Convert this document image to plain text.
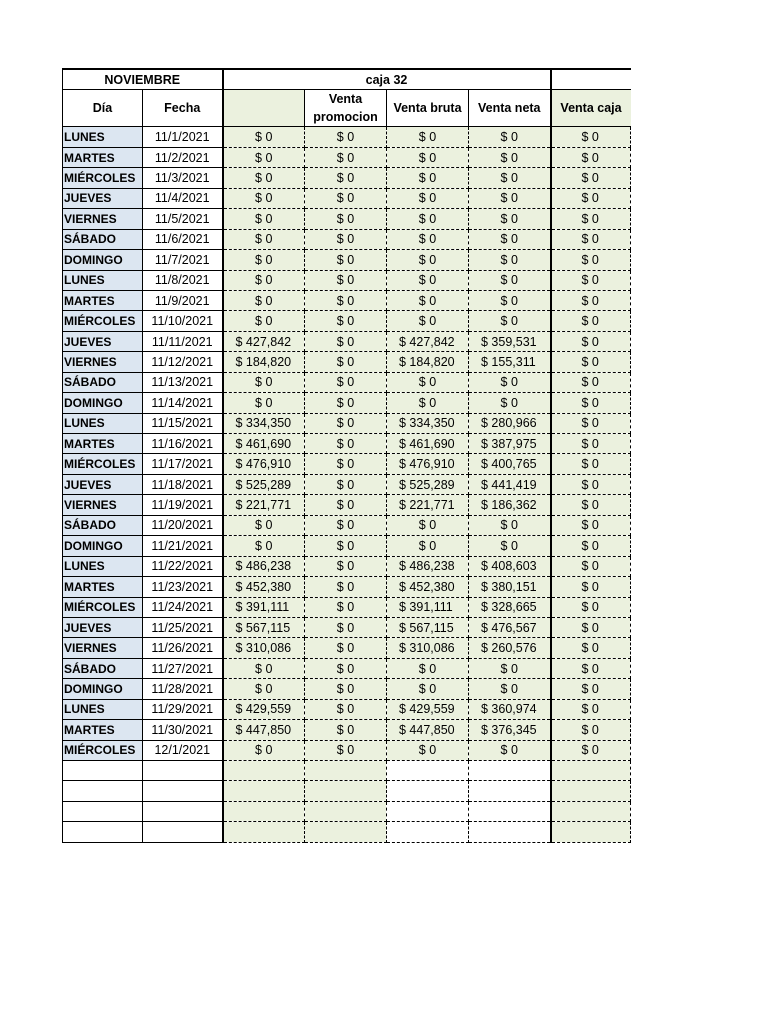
NOVIEMBRE		caja 32				
Día	Fecha		Venta promocion	Venta bruta	Venta neta	Venta caja
LUNES	11/1/2021	$ 0	$ 0	$ 0	$ 0	$ 0
MARTES	11/2/2021	$ 0	$ 0	$ 0	$ 0	$ 0
MIÉRCOLES	11/3/2021	$ 0	$ 0	$ 0	$ 0	$ 0
JUEVES	11/4/2021	$ 0	$ 0	$ 0	$ 0	$ 0
VIERNES	11/5/2021	$ 0	$ 0	$ 0	$ 0	$ 0
SÁBADO	11/6/2021	$ 0	$ 0	$ 0	$ 0	$ 0
DOMINGO	11/7/2021	$ 0	$ 0	$ 0	$ 0	$ 0
LUNES	11/8/2021	$ 0	$ 0	$ 0	$ 0	$ 0
MARTES	11/9/2021	$ 0	$ 0	$ 0	$ 0	$ 0
MIÉRCOLES	11/10/2021	$ 0	$ 0	$ 0	$ 0	$ 0
JUEVES	11/11/2021	$ 427,842	$ 0	$ 427,842	$ 359,531	$ 0
VIERNES	11/12/2021	$ 184,820	$ 0	$ 184,820	$ 155,311	$ 0
SÁBADO	11/13/2021	$ 0	$ 0	$ 0	$ 0	$ 0
DOMINGO	11/14/2021	$ 0	$ 0	$ 0	$ 0	$ 0
LUNES	11/15/2021	$ 334,350	$ 0	$ 334,350	$ 280,966	$ 0
MARTES	11/16/2021	$ 461,690	$ 0	$ 461,690	$ 387,975	$ 0
MIÉRCOLES	11/17/2021	$ 476,910	$ 0	$ 476,910	$ 400,765	$ 0
JUEVES	11/18/2021	$ 525,289	$ 0	$ 525,289	$ 441,419	$ 0
VIERNES	11/19/2021	$ 221,771	$ 0	$ 221,771	$ 186,362	$ 0
SÁBADO	11/20/2021	$ 0	$ 0	$ 0	$ 0	$ 0
DOMINGO	11/21/2021	$ 0	$ 0	$ 0	$ 0	$ 0
LUNES	11/22/2021	$ 486,238	$ 0	$ 486,238	$ 408,603	$ 0
MARTES	11/23/2021	$ 452,380	$ 0	$ 452,380	$ 380,151	$ 0
MIÉRCOLES	11/24/2021	$ 391,111	$ 0	$ 391,111	$ 328,665	$ 0
JUEVES	11/25/2021	$ 567,115	$ 0	$ 567,115	$ 476,567	$ 0
VIERNES	11/26/2021	$ 310,086	$ 0	$ 310,086	$ 260,576	$ 0
SÁBADO	11/27/2021	$ 0	$ 0	$ 0	$ 0	$ 0
DOMINGO	11/28/2021	$ 0	$ 0	$ 0	$ 0	$ 0
LUNES	11/29/2021	$ 429,559	$ 0	$ 429,559	$ 360,974	$ 0
MARTES	11/30/2021	$ 447,850	$ 0	$ 447,850	$ 376,345	$ 0
MIÉRCOLES	12/1/2021	$ 0	$ 0	$ 0	$ 0	$ 0
